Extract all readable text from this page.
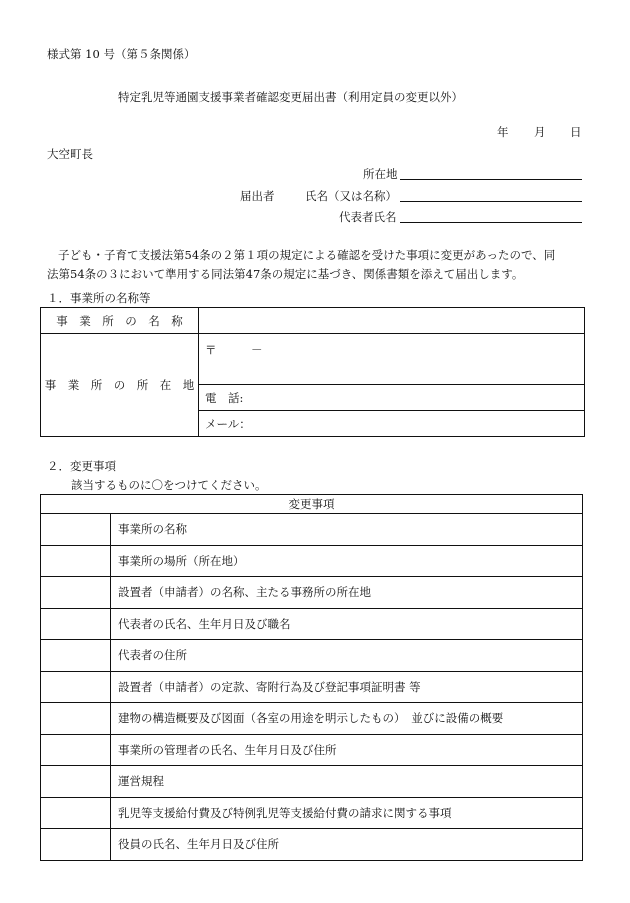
様式第 10 号（第５条関係）
特定乳児等通園支援事業者確認変更届出書（利用定員の変更以外）
年 月 日
大空町長
所在地
届出者	氏名（又は名称）
代表者氏名
子ども・子育て支援法第54条の２第１項の規定による確認を受けた事項に変更があったので、同
法第54条の３において準用する同法第47条の規定に基づき、関係書類を添えて届出します。
１．事業所の名称等
事　業　所　の　名　称	
事　業　所　の　所　在　地	〒　　　－
	電　話:
	メール：
２．変更事項
該当するものに〇をつけてください。
変更事項	
	事業所の名称
	事業所の場所（所在地）
	設置者（申請者）の名称、主たる事務所の所在地
	代表者の氏名、生年月日及び職名
	代表者の住所
	設置者（申請者）の定款、寄附行為及び登記事項証明書 等
	建物の構造概要及び図面（各室の用途を明示したもの）　並びに設備の概要
	事業所の管理者の氏名、生年月日及び住所
	運営規程
	乳児等支援給付費及び特例乳児等支援給付費の請求に関する事項
	役員の氏名、生年月日及び住所
